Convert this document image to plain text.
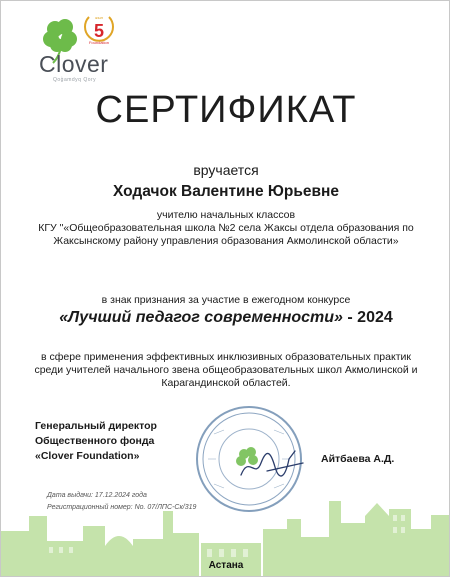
жыл
5
Foundation
Clover
Qoģamdyq Qory
СЕРТИФИКАТ
вручается
Ходачок Валентине Юрьевне
учителю начальных классов
КГУ "«Общеобразовательная школа №2 села Жаксы отдела образования по Жаксынскому району управления образования Акмолинской области»
в знак признания за участие в ежегодном конкурсе
«Лучший педагог современности» - 2024
в сфере применения эффективных инклюзивных образовательных практик среди учителей начального звена общеобразовательных школ Акмолинской и Карагандинской областей.
Генеральный директор
Общественного фонда
«Clover Foundation»	Айтбаева А.Д.
Дата выдачи: 17.12.2024 года
Регистрационный номер: No. 07/ЛПС-Ск/319
Астана
